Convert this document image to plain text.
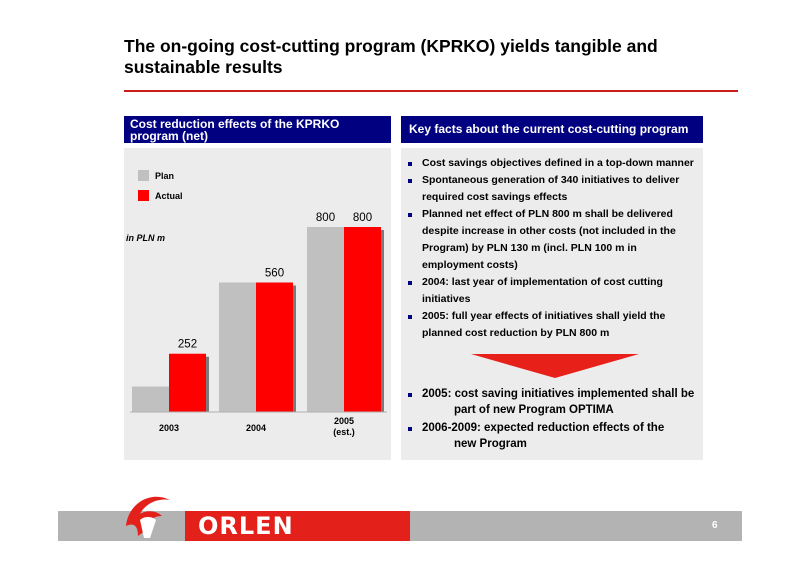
The on-going cost-cutting program (KPRKO) yields tangible and sustainable results
Cost reduction effects of the KPRKO program (net)	Key facts about the current cost-cutting program
252
2003
560
2004
800 800
2005
(est.)
Plan
Actual
in PLN m
Cost savings objectives defined in a top-down manner
Spontaneous generation of 340 initiatives to deliver required cost savings effects
Planned net effect of PLN 800 m shall be delivered despite increase in other costs (not included in the Program) by PLN 130 m (incl. PLN 100 m in employment costs)
2004: last year of implementation of cost cutting initiatives
2005: full year effects of initiatives shall yield the planned cost reduction by PLN 800 m
2005: cost saving initiatives implemented shall be
part of new Program OPTIMA
2006-2009: expected reduction effects of the
new Program
ORLEN	6
